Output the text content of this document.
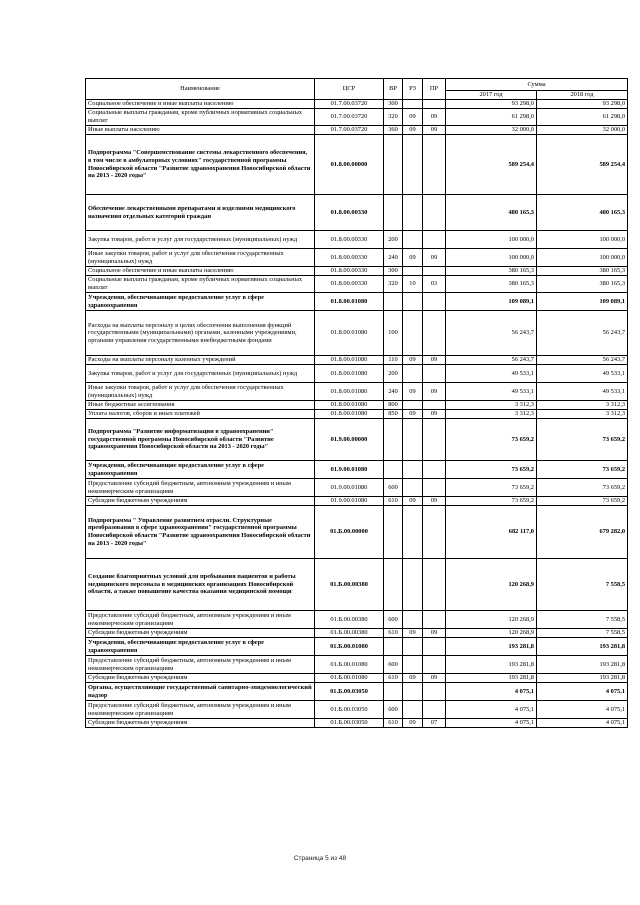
Наименование	ЦСР	ВР	РЗ	ПР	Сумма	
					2017 год	2018 год
Социальное обеспечение и иные выплаты населению	01.7.00.03720	300			93 298,0	93 298,0
Социальные выплаты гражданам, кроме публичных нормативных социальных выплат	01.7.00.03720	320	09	09	61 298,0	61 298,0
Иные выплаты населению	01.7.00.03720	360	09	09	32 000,0	32 000,0
Подпрограмма "Совершенствование системы лекарственного обеспечения, в том числе в амбулаторных условиях" государственной программы Новосибирской области "Развитие здравоохранения Новосибирской области на 2013 - 2020 годы"	01.8.00.00000				589 254,4	589 254,4
Обеспечение лекарственными препаратами и изделиями медицинского назначения отдельных категорий граждан	01.8.00.00330				480 165,3	480 165,3
Закупка товаров, работ и услуг для государственных (муниципальных) нужд	01.8.00.00330	200			100 000,0	100 000,0
Иные закупки товаров, работ и услуг для обеспечения государственных (муниципальных) нужд	01.8.00.00330	240	09	09	100 000,0	100 000,0
Социальное обеспечение и иные выплаты населению	01.8.00.00330	300			380 165,3	380 165,3
Социальные выплаты гражданам, кроме публичных нормативных социальных выплат	01.8.00.00330	320	10	03	380 165,3	380 165,3
Учреждения, обеспечивающие предоставление услуг в сфере здравоохранения	01.8.00.01080				109 089,1	109 089,1
Расходы на выплаты персоналу в целях обеспечения выполнения функций государственными (муниципальными) органами, казенными учреждениями, органами управления государственными внебюджетными фондами	01.8.00.01080	100			56 243,7	56 243,7
Расходы на выплаты персоналу казенных учреждений	01.8.00.01080	110	09	09	56 243,7	56 243,7
Закупка товаров, работ и услуг для государственных (муниципальных) нужд	01.8.00.01080	200			49 533,1	49 533,1
Иные закупки товаров, работ и услуг для обеспечения государственных (муниципальных) нужд	01.8.00.01080	240	09	09	49 533,1	49 533,1
Иные бюджетные ассигнования	01.8.00.01080	800			3 312,3	3 312,3
Уплата налогов, сборов и иных платежей	01.8.00.01080	850	09	09	3 312,3	3 312,3
Подпрограмма "Развитие информатизации в здравоохранении" государственной программы Новосибирской области "Развитие здравоохранения Новосибирской области на 2013 - 2020 годы"	01.9.00.00000				73 659,2	73 659,2
Учреждения, обеспечивающие предоставление услуг в сфере здравоохранения	01.9.00.01080				73 659,2	73 659,2
Предоставление субсидий бюджетным, автономным учреждениям и иным некоммерческим организациям	01.9.00.01080	600			73 659,2	73 659,2
Субсидии бюджетным учреждениям	01.9.00.01080	610	09	09	73 659,2	73 659,2
Подпрограмма " Управление развитием отрасли. Структурные преобразования в сфере здравоохранения" государственной программы Новосибирской области "Развитие здравоохранения Новосибирской области на 2013 - 2020 годы"	01.Б.00.00000				682 117,0	679 282,0
Создание благоприятных условий для пребывания пациентов и работы медицинского персонала в медицинских организациях Новосибирской области, а также повышение качества оказания медицинской помощи	01.Б.00.00380				120 268,9	7 558,5
Предоставление субсидий бюджетным, автономным учреждениям и иным некоммерческим организациям	01.Б.00.00380	600			120 268,9	7 558,5
Субсидии бюджетным учреждениям	01.Б.00.00380	610	09	09	120 268,9	7 558,5
Учреждения, обеспечивающие предоставление услуг в сфере здравоохранения	01.Б.00.01080				193 281,8	193 281,8
Предоставление субсидий бюджетным, автономным учреждениям и иным некоммерческим организациям	01.Б.00.01080	600			193 281,8	193 281,8
Субсидии бюджетным учреждениям	01.Б.00.01080	610	09	09	193 281,8	193 281,8
Органы, осуществляющие государственный санитарно-эпидемиологический надзор	01.Б.00.03050				4 075,1	4 075,1
Предоставление субсидий бюджетным, автономным учреждениям и иным некоммерческим организациям	01.Б.00.03050	600			4 075,1	4 075,1
Субсидии бюджетным учреждениям	01.Б.00.03050	610	09	07	4 075,1	4 075,1
Страница 5 из 48
